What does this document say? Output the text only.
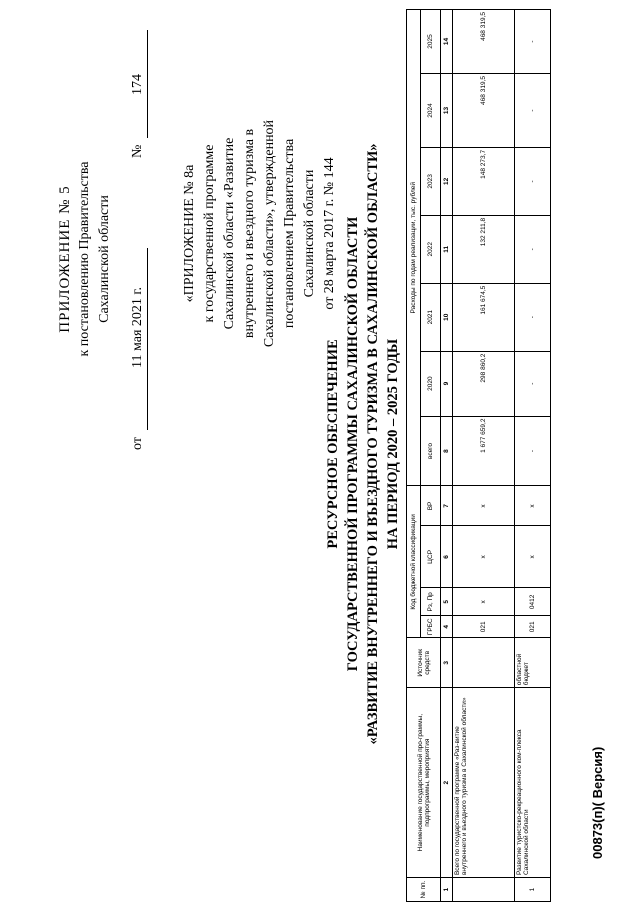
ПРИЛОЖЕНИЕ № 5 к постановлению Правительства Сахалинской области
от
11 мая 2021 г.
№
174
«ПРИЛОЖЕНИЕ № 8а к государственной программе Сахалинской области «Развитие внутреннего и въездного туризма в Сахалинской области», утвержденной постановлением Правительства Сахалинской области от 28 марта 2017 г. № 144
РЕСУРСНОЕ ОБЕСПЕЧЕНИЕ ГОСУДАРСТВЕННОЙ ПРОГРАММЫ САХАЛИНСКОЙ ОБЛАСТИ «РАЗВИТИЕ ВНУТРЕННЕГО И ВЪЕЗДНОГО ТУРИЗМА В САХАЛИНСКОЙ ОБЛАСТИ» НА ПЕРИОД 2020 – 2025 ГОДЫ
№ пп.	Наименование государственной про-граммы, подпрограммы, мероприятия	Источник средств	Код бюджетной классификации				Расходы по годам реализации, тыс. рублей						
			ГРБС	Рз, Пр	ЦСР	ВР	всего	2020	2021	2022	2023	2024	2025
1	2	3	4	5	6	7	8	9	10	11	12	13	14
	Всего по государственной программе «Раз-витие внутреннего и въездного туризма в Сахалинской области»		021	x	x	x	1 677 659,2	298 860,2	161 674,5	132 211,8	148 273,7	468 319,5	468 319,5
1	Развитие туристско-рекреационного ком-плекса Сахалинской области	областной бюджет	021	0412	x	x	-	-	-	-	-	-	-
00873(п)( Версия)
